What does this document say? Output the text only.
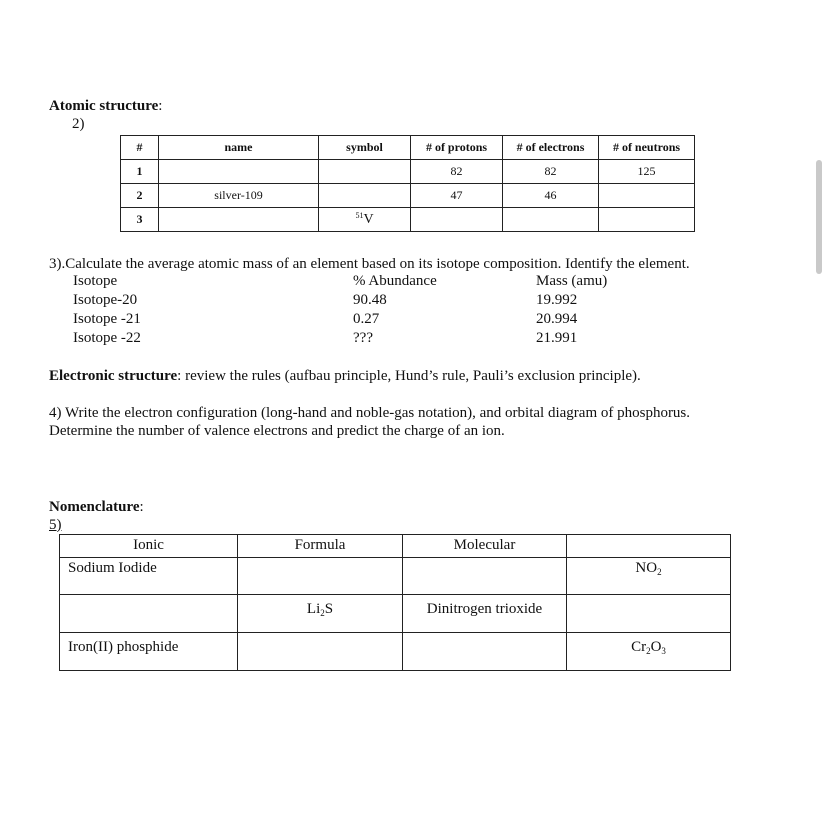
Atomic structure:
2)
#	name	symbol	# of protons	# of electrons	# of neutrons
1			82	82	125
2	silver-109		47	46	
3		$^{51}$V			
3).Calculate the average atomic mass of an element based on its isotope composition. Identify the element.
Isotope	% Abundance	Mass (amu)
Isotope-20	90.48	19.992
Isotope -21	0.27	20.994
Isotope -22	???	21.991
Electronic structure: review the rules (aufbau principle, Hund’s rule, Pauli’s exclusion principle).
4) Write the electron configuration (long-hand and noble-gas notation), and orbital diagram of phosphorus.
Determine the number of valence electrons and predict the charge of an ion.
Nomenclature:
5)
Ionic	Formula	Molecular	
Sodium Iodide			$NO_2$
	$Li_2S$	Dinitrogen trioxide	
Iron(II) phosphide			$Cr_2O_3$
